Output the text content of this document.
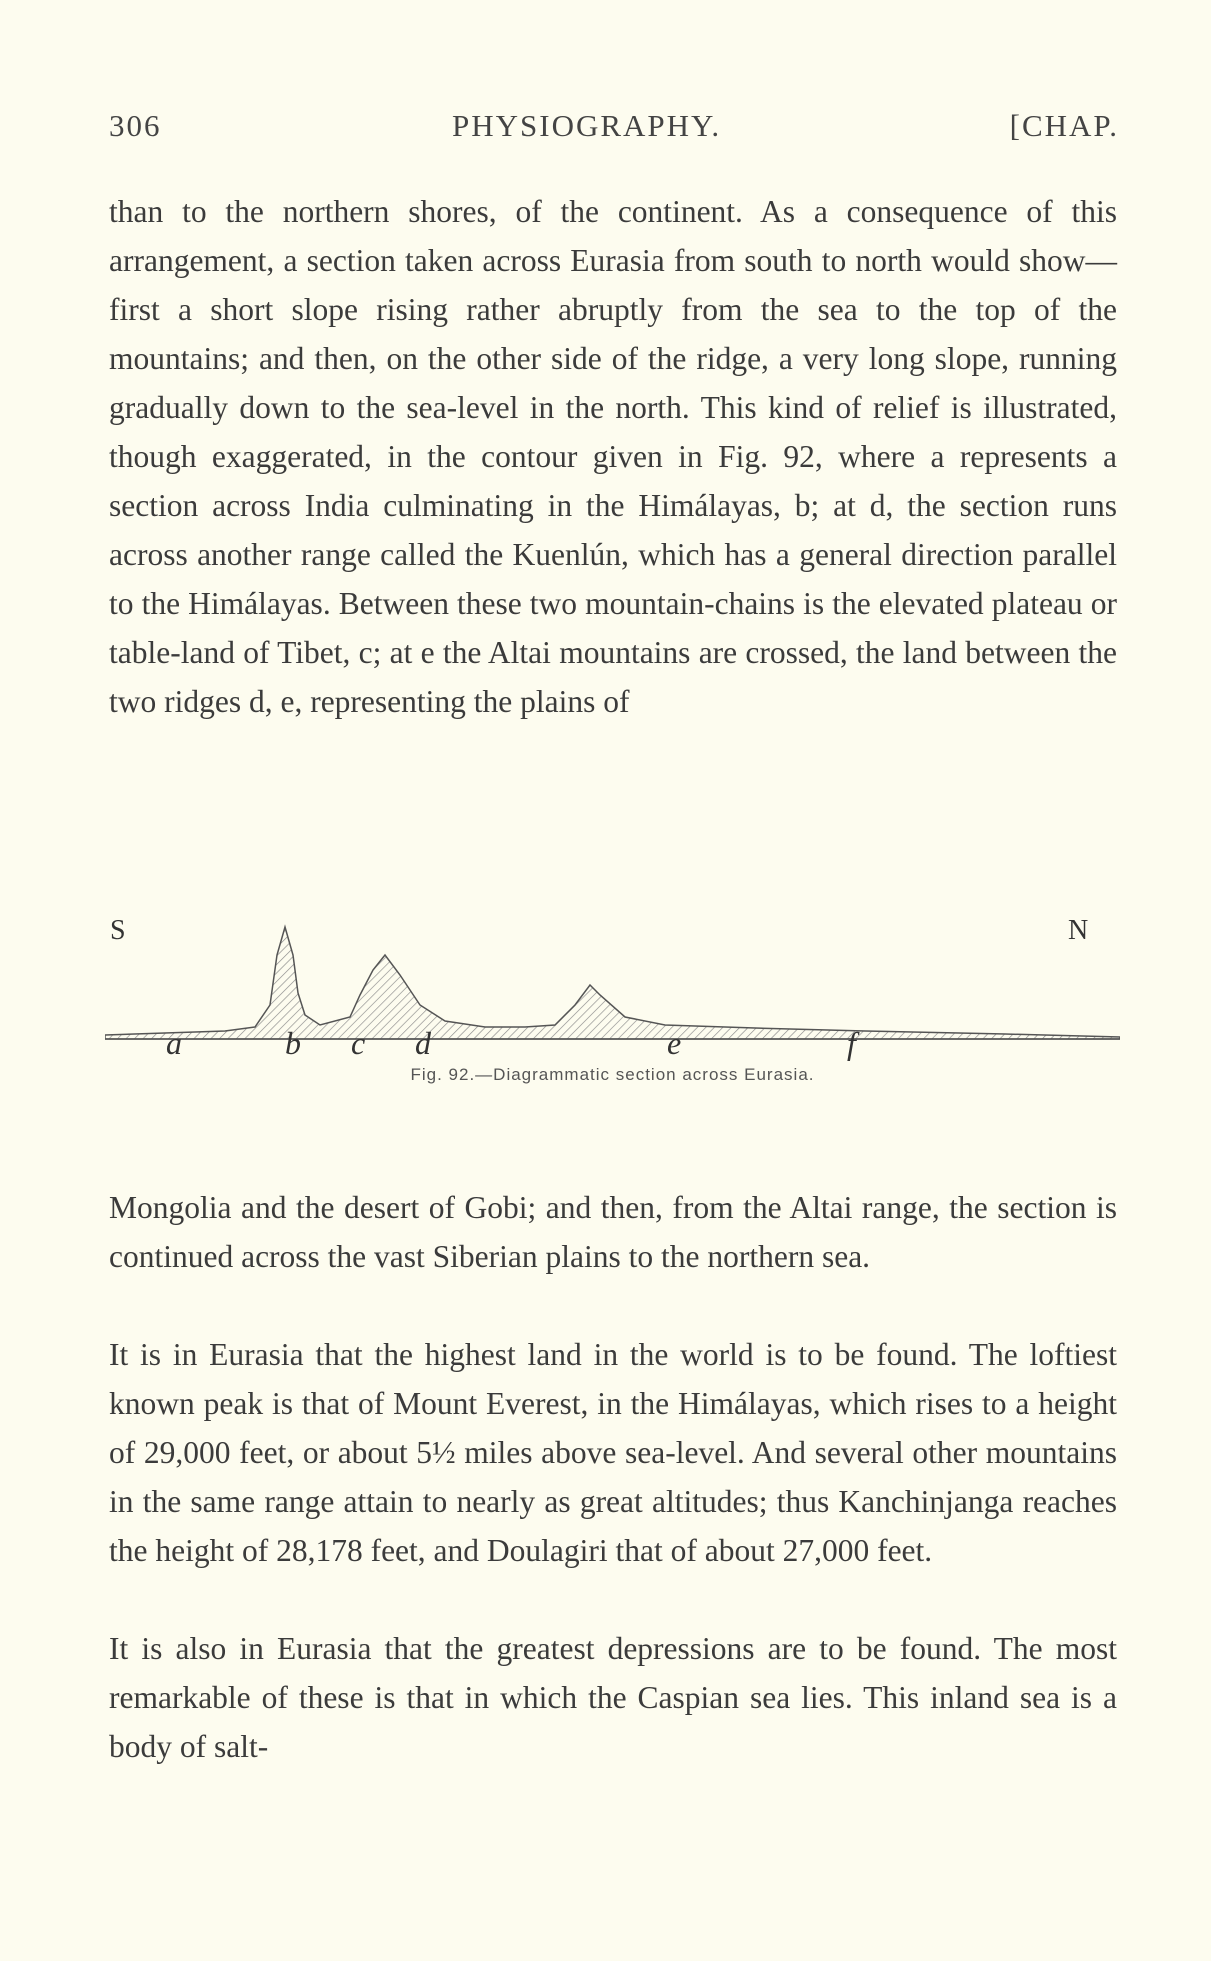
306	PHYSIOGRAPHY.	[CHAP.

than to the northern shores, of the continent. As a consequence of this arrangement, a section taken across Eurasia from south to north would show—first a short slope rising rather abruptly from the sea to the top of the mountains; and then, on the other side of the ridge, a very long slope, running gradually down to the sea-level in the north. This kind of relief is illustrated, though exaggerated, in the contour given in Fig. 92, where a represents a section across India culminating in the Himálayas, b; at d, the section runs across another range called the Kuenlún, which has a general direction parallel to the Himálayas. Between these two mountain-chains is the elevated plateau or table-land of Tibet, c; at e the Altai mountains are crossed, the land between the two ridges d, e, representing the plains of

S	N
a	b c d	e	f
Fig. 92.—Diagrammatic section across Eurasia.

Mongolia and the desert of Gobi; and then, from the Altai range, the section is continued across the vast Siberian plains to the northern sea.

It is in Eurasia that the highest land in the world is to be found. The loftiest known peak is that of Mount Everest, in the Himálayas, which rises to a height of 29,000 feet, or about 5½ miles above sea-level. And several other mountains in the same range attain to nearly as great altitudes; thus Kanchinjanga reaches the height of 28,178 feet, and Doulagiri that of about 27,000 feet.

It is also in Eurasia that the greatest depressions are to be found. The most remarkable of these is that in which the Caspian sea lies. This inland sea is a body of salt-
